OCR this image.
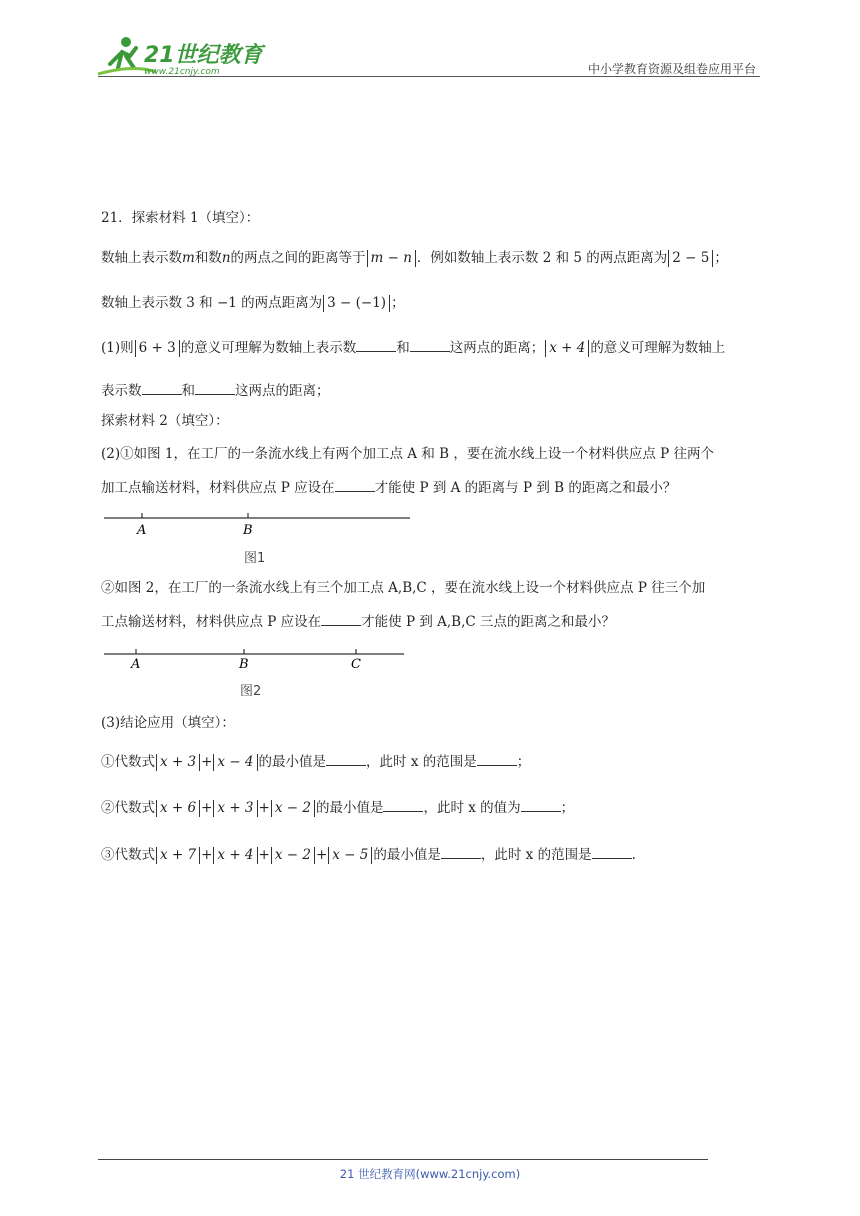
21世纪教育
www.21cnjy.com	中小学教育资源及组卷应用平台
21．探索材料 1（填空）：
数轴上表示数m和数n的两点之间的距离等于 m − n ．例如数轴上表示数 2 和 5 的两点距离为 2 − 5 ；
数轴上表示数 3 和 −1 的两点距离为 3 − (−1) ；
(1)则 6 + 3 的意义可理解为数轴上表示数	和	这两点的距离； x + 4 的意义可理解为数轴上
表示数	和	这两点的距离；
探索材料 2（填空）：
(2)①如图 1，在工厂的一条流水线上有两个加工点 A 和 B ，要在流水线上设一个材料供应点 P 往两个
加工点输送材料，材料供应点 P 应设在	才能使 P 到 A 的距离与 P 到 B 的距离之和最小？
A	B
图1
②如图 2，在工厂的一条流水线上有三个加工点 A,B,C ，要在流水线上设一个材料供应点 P 往三个加
工点输送材料，材料供应点 P 应设在	才能使 P 到 A,B,C 三点的距离之和最小？
A	B	C
图2
(3)结论应用（填空）：
①代数式 x + 3 + x − 4 的最小值是	，此时 x 的范围是	；
②代数式 x + 6 + x + 3 + x − 2 的最小值是	，此时 x 的值为	；
③代数式 x + 7 + x + 4 + x − 2 + x − 5 的最小值是	，此时 x 的范围是	.
21 世纪教育网(www.21cnjy.com)
